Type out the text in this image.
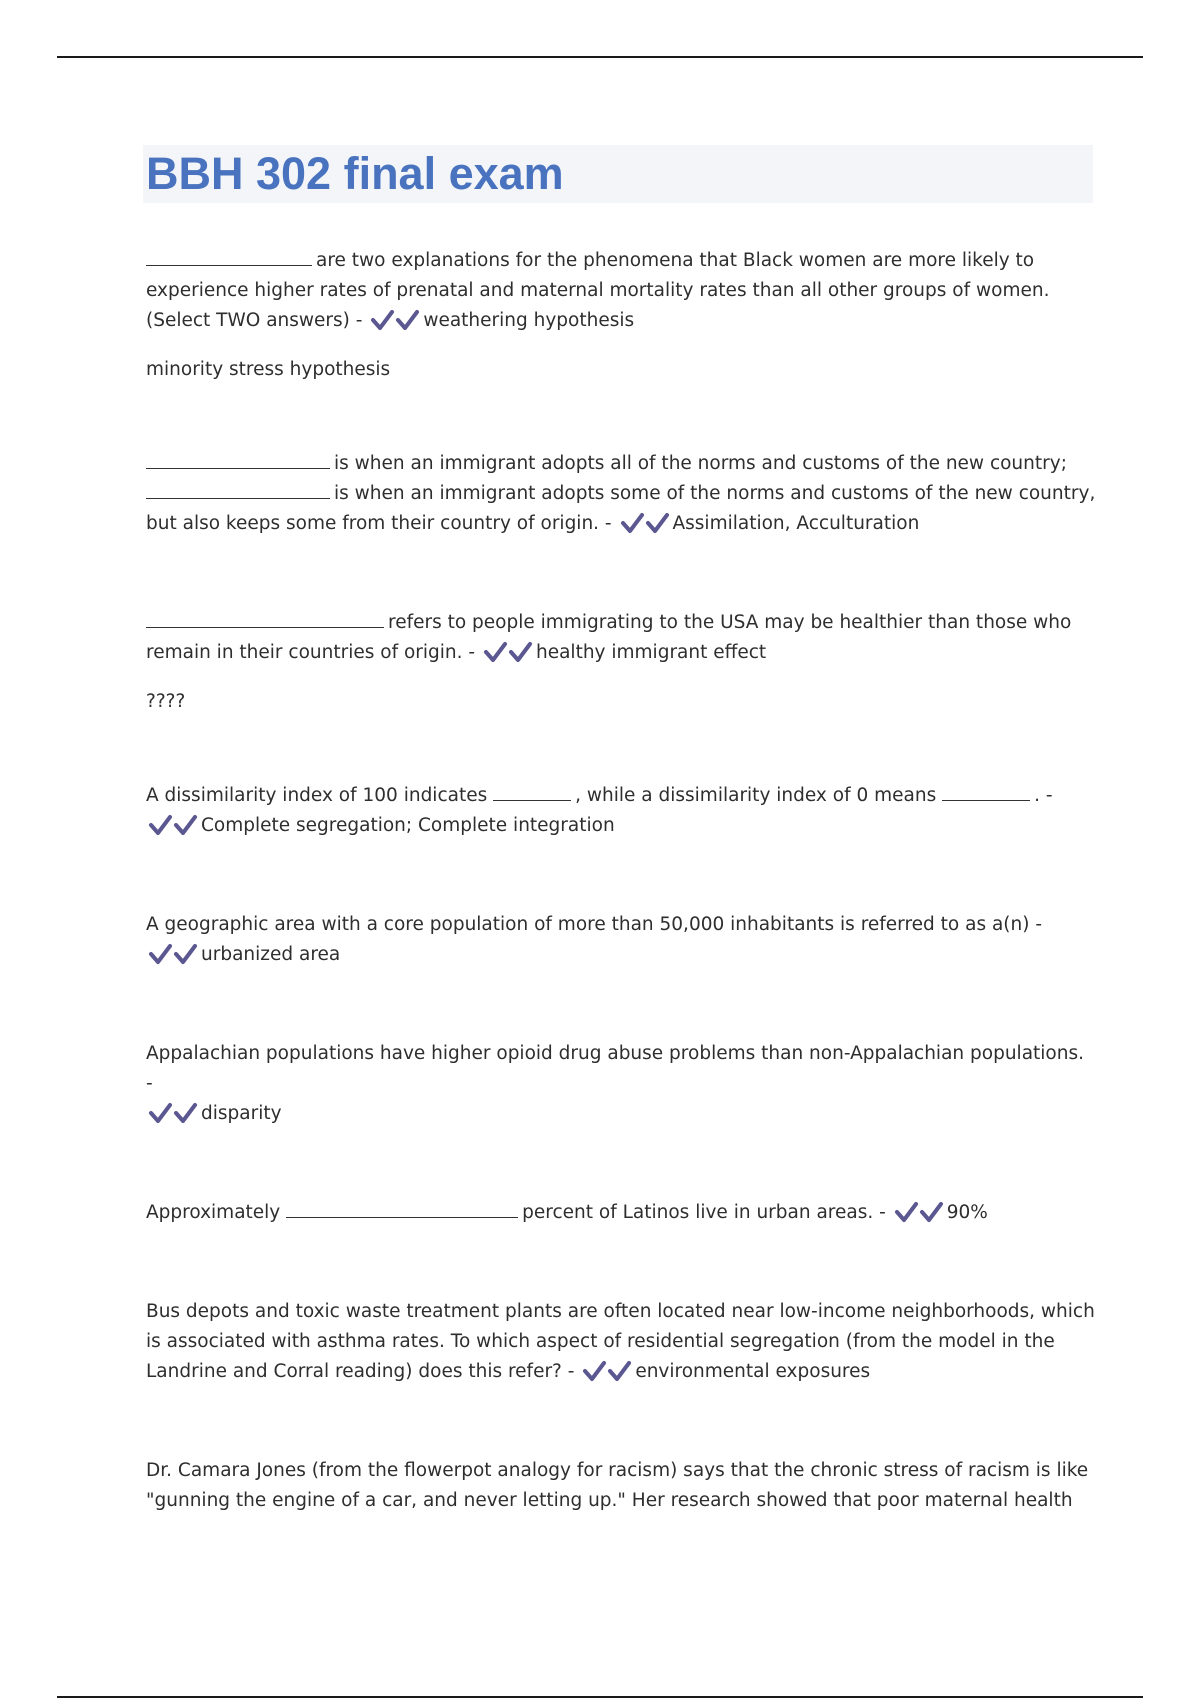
BBH 302 final exam

are two explanations for the phenomena that Black women are more likely to experience higher rates of prenatal and maternal mortality rates than all other groups of women. (Select TWO answers) -	weathering hypothesis

minority stress hypothesis

is when an immigrant adopts all of the norms and customs of the new country;

is when an immigrant adopts some of the norms and customs of the new country,

but also keeps some from their country of origin. -	Assimilation, Acculturation

refers to people immigrating to the USA may be healthier than those who remain in their countries of origin. -	healthy immigrant effect

????

A dissimilarity index of 100 indicates	, while a dissimilarity index of 0 means	. -

Complete segregation; Complete integration

A geographic area with a core population of more than 50,000 inhabitants is referred to as a(n) -

urbanized area

Appalachian populations have higher opioid drug abuse problems than non-Appalachian populations. -

disparity

Approximately	percent of Latinos live in urban areas. -	90%

Bus depots and toxic waste treatment plants are often located near low-income neighborhoods, which is associated with asthma rates. To which aspect of residential segregation (from the model in the Landrine and Corral reading) does this refer? -	environmental exposures

Dr. Camara Jones (from the flowerpot analogy for racism) says that the chronic stress of racism is like "gunning the engine of a car, and never letting up." Her research showed that poor maternal health
